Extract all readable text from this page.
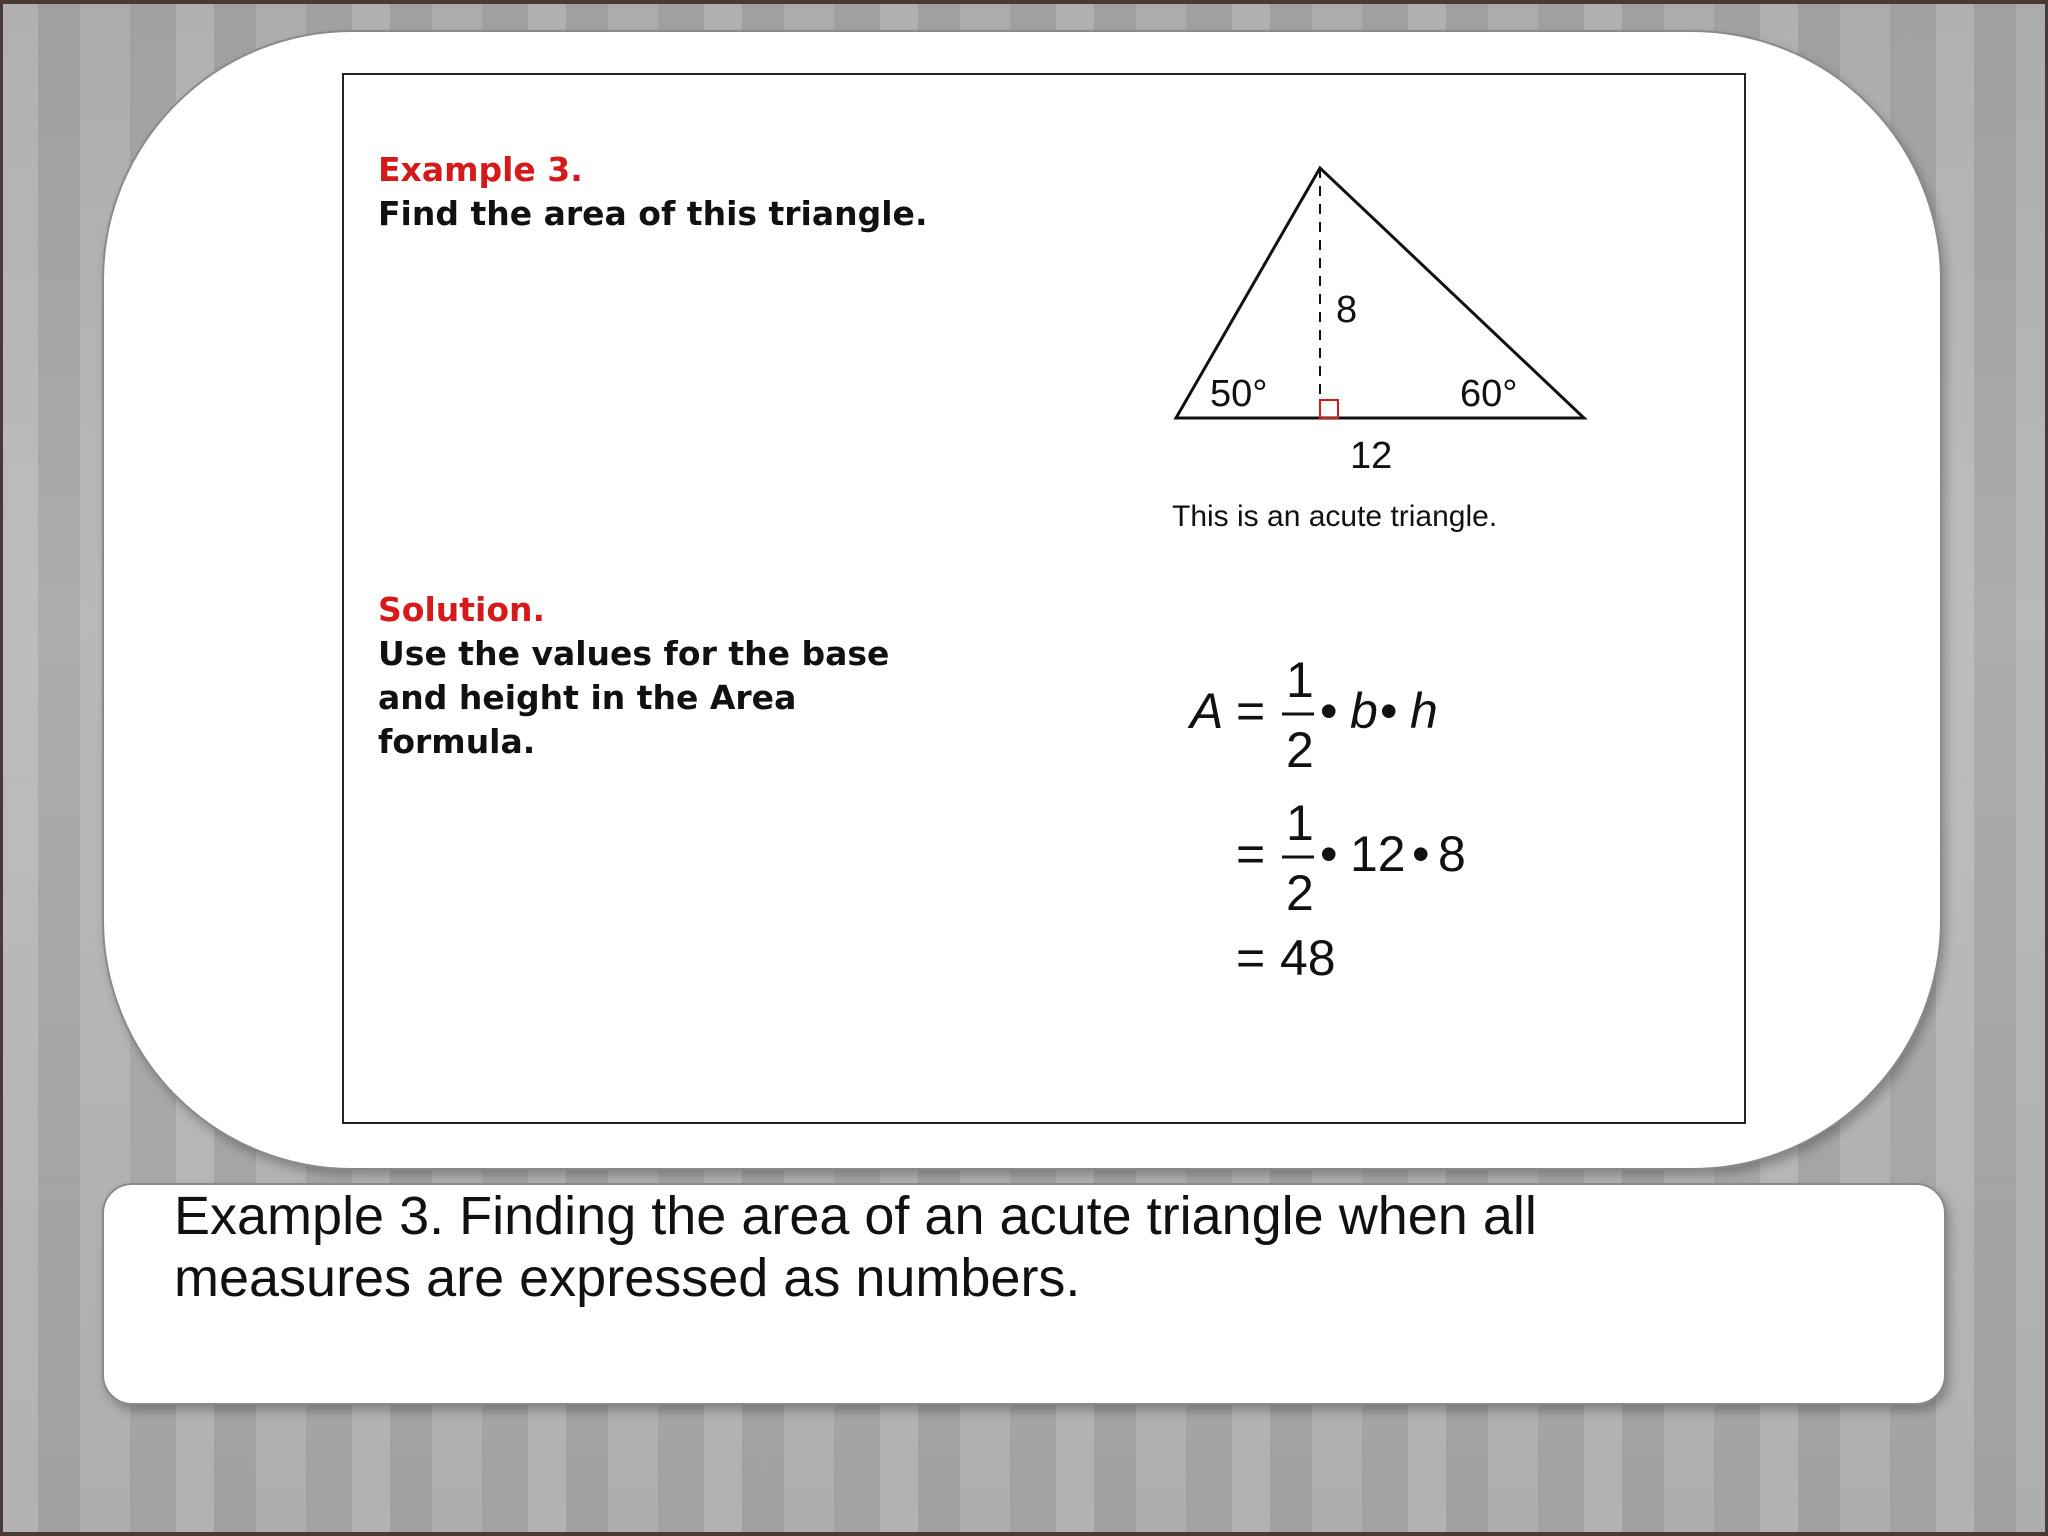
Example 3.
Find the area of this triangle.
Solution.
Use the values for the base
and height in the Area
formula.
8
50°	60°
12
This is an acute triangle.
A =
1
2
• b • h
=
1
2
• 12 • 8
= 48
Example 3. Finding the area of an acute triangle when all measures are expressed as numbers.
